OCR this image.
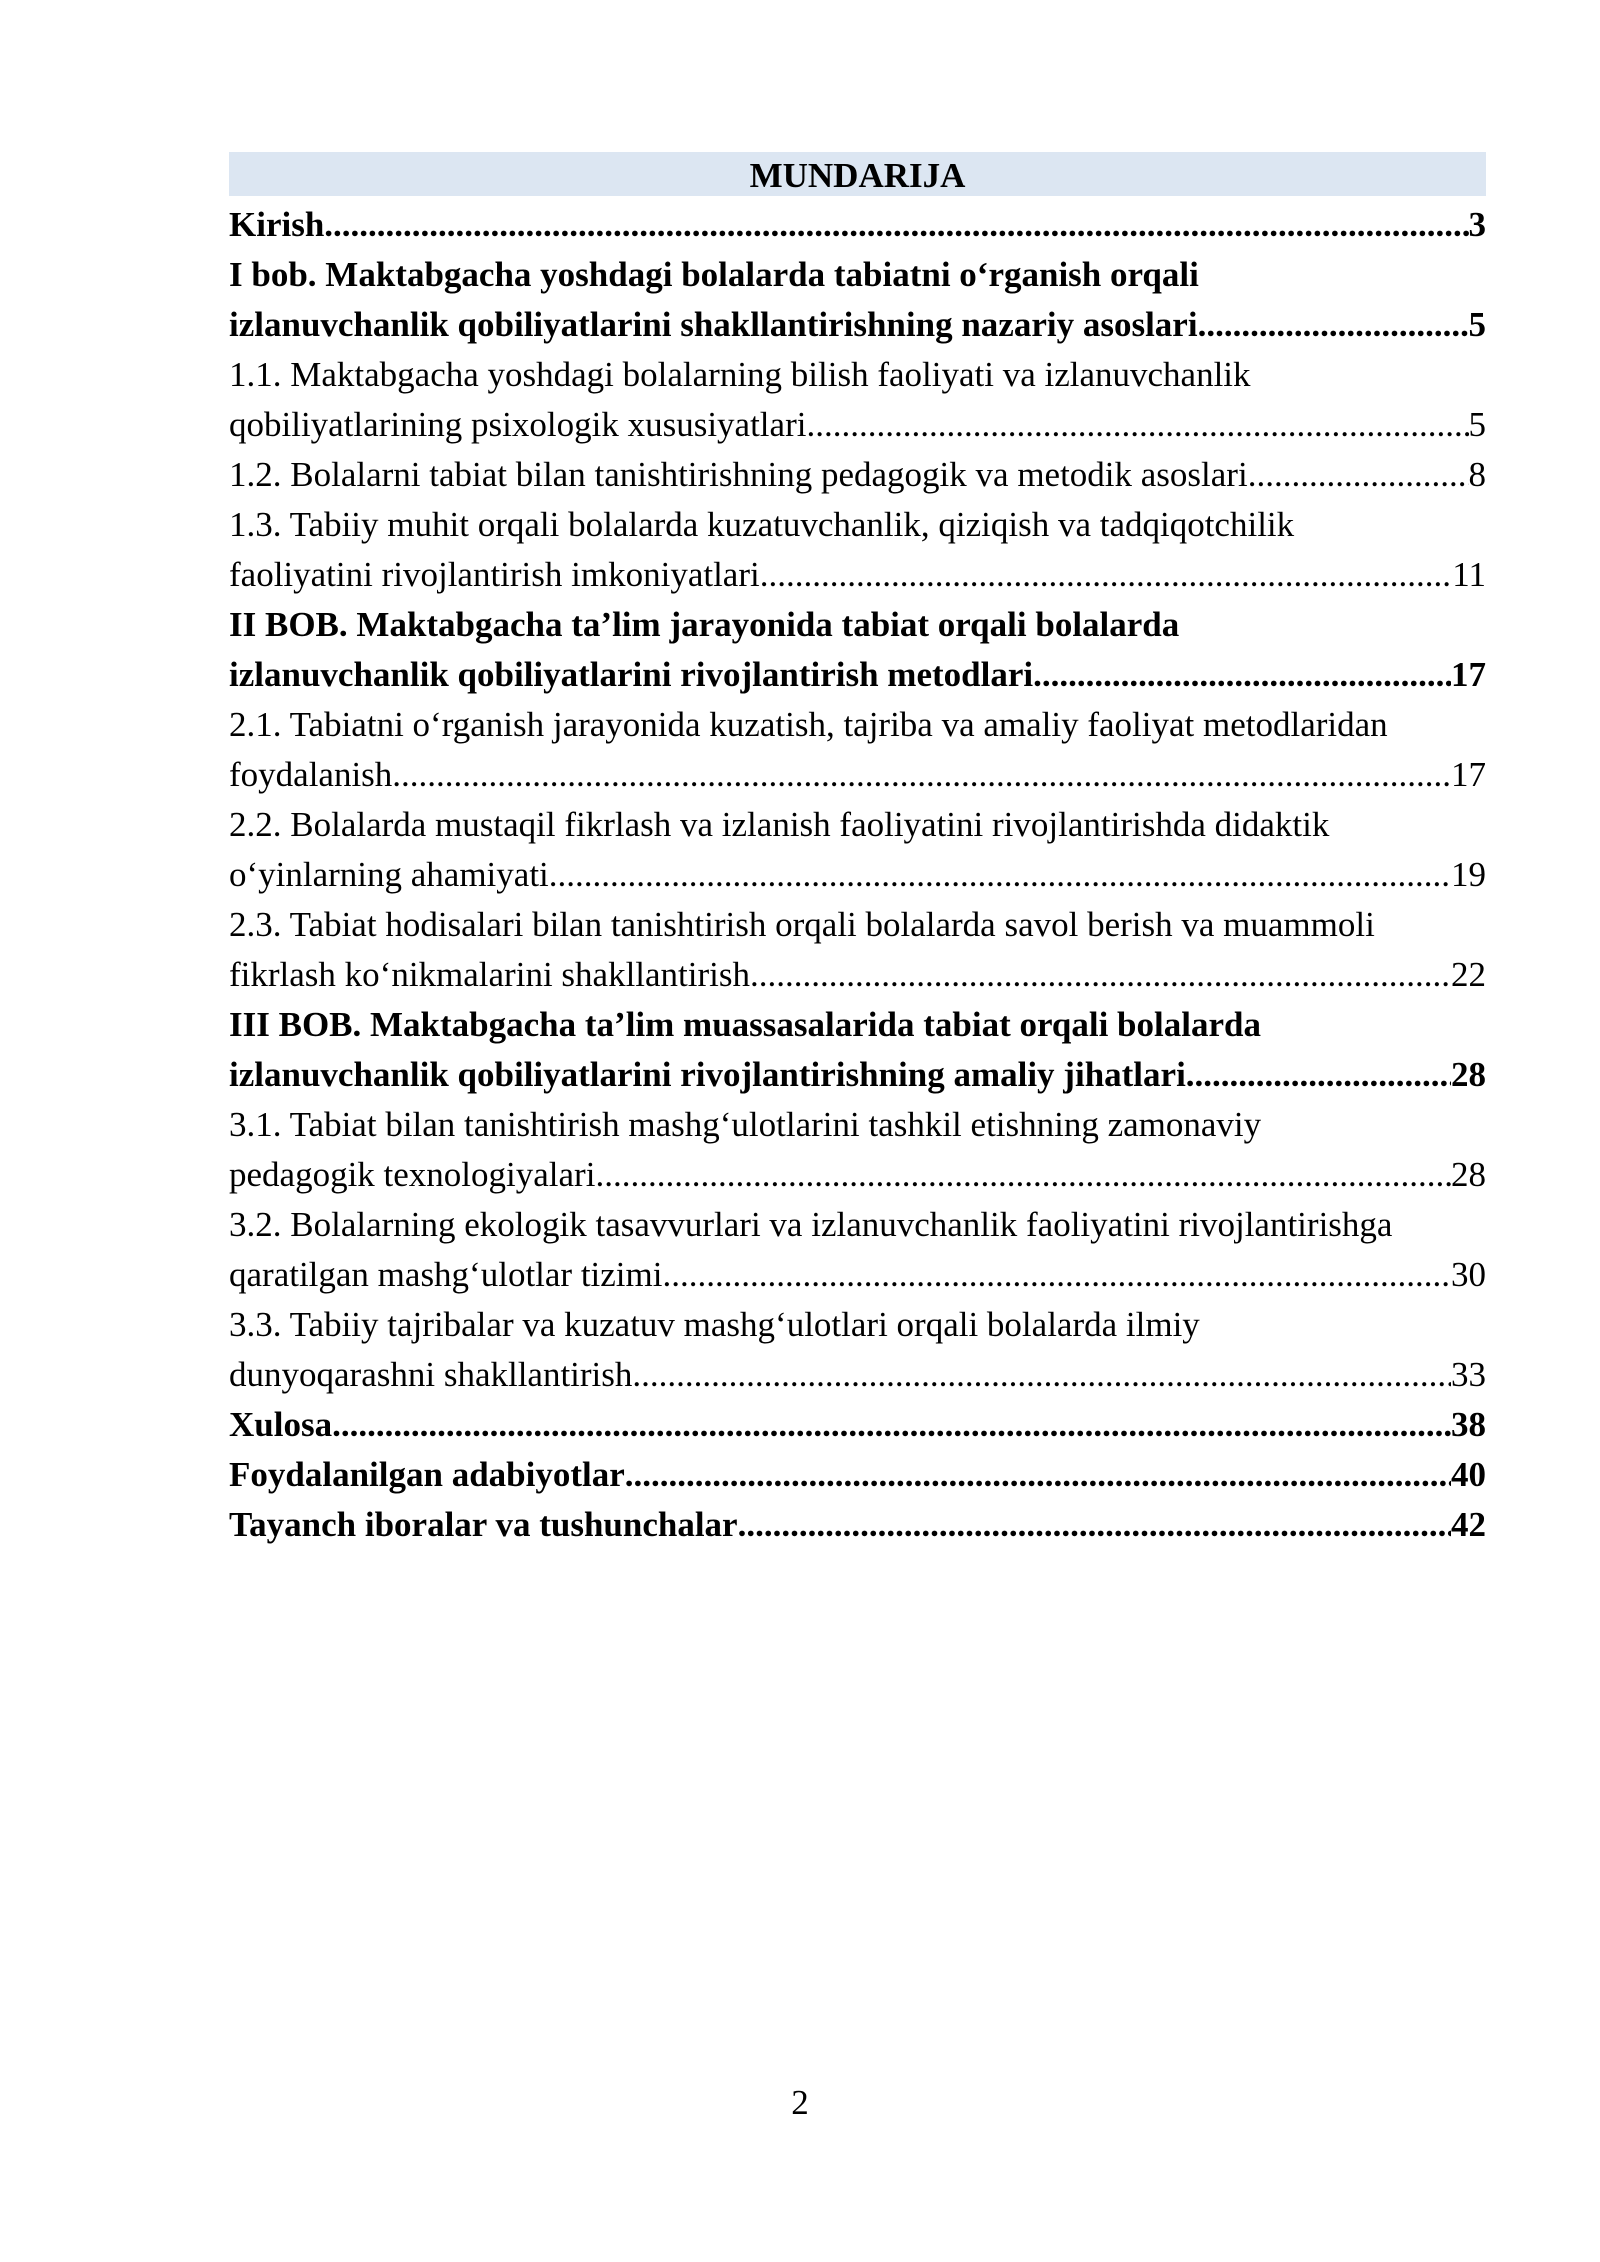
MUNDARIJA
Kirish .....	3
I bob. Maktabgacha yoshdagi bolalarda tabiatni o‘rganish orqali
izlanuvchanlik qobiliyatlarini shakllantirishning nazariy asoslari .....	5
1.1. Maktabgacha yoshdagi bolalarning bilish faoliyati va izlanuvchanlik
qobiliyatlarining psixologik xususiyatlari .....	5
1.2. Bolalarni tabiat bilan tanishtirishning pedagogik va metodik asoslari .....	8
1.3. Tabiiy muhit orqali bolalarda kuzatuvchanlik, qiziqish va tadqiqotchilik
faoliyatini rivojlantirish imkoniyatlari .....	11
II BOB. Maktabgacha ta’lim jarayonida tabiat orqali bolalarda
izlanuvchanlik qobiliyatlarini rivojlantirish metodlari .....	17
2.1. Tabiatni o‘rganish jarayonida kuzatish, tajriba va amaliy faoliyat metodlaridan
foydalanish .....	17
2.2. Bolalarda mustaqil fikrlash va izlanish faoliyatini rivojlantirishda didaktik
o‘yinlarning ahamiyati .....	19
2.3. Tabiat hodisalari bilan tanishtirish orqali bolalarda savol berish va muammoli
fikrlash ko‘nikmalarini shakllantirish .....	22
III BOB. Maktabgacha ta’lim muassasalarida tabiat orqali bolalarda
izlanuvchanlik qobiliyatlarini rivojlantirishning amaliy jihatlari .....	28
3.1. Tabiat bilan tanishtirish mashg‘ulotlarini tashkil etishning zamonaviy
pedagogik texnologiyalari .....	28
3.2. Bolalarning ekologik tasavvurlari va izlanuvchanlik faoliyatini rivojlantirishga
qaratilgan mashg‘ulotlar tizimi .....	30
3.3. Tabiiy tajribalar va kuzatuv mashg‘ulotlari orqali bolalarda ilmiy
dunyoqarashni shakllantirish .....	33
Xulosa .....	38
Foydalanilgan adabiyotlar .....	40
Tayanch iboralar va tushunchalar .....	42
2
